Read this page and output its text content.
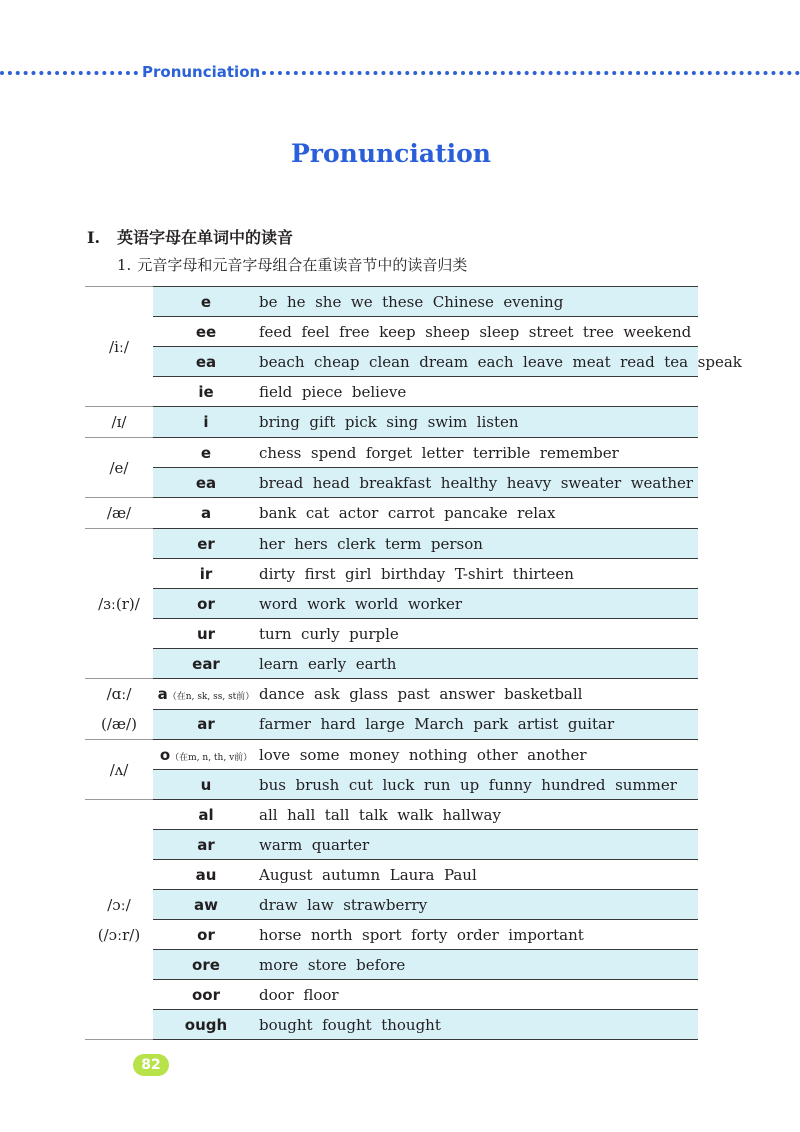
Pronunciation
Pronunciation
I. 英语字母在单词中的读音
1. 元音字母和元音字母组合在重读音节中的读音归类
/iː/	e	be  he  she  we  these  Chinese  evening
	ee	feed  feel  free  keep  sheep  sleep  street  tree  weekend
	ea	beach  cheap  clean  dream  each  leave  meat  read  tea  speak
	ie	field  piece  believe

/ɪ/	i	bring  gift  pick  sing  swim  listen

/e/	e	chess  spend  forget  letter  terrible  remember
	ea	bread  head  breakfast  healthy  heavy  sweater  weather

/æ/	a	bank  cat  actor  carrot  pancake  relax

/ɜː(r)/	er	her  hers  clerk  term  person
	ir	dirty  first  girl  birthday  T-shirt  thirteen
	or	word  work  world  worker
	ur	turn  curly  purple
	ear	learn  early  earth

/ɑː/
(/æ/)	a（在n, sk, ss, st前）	dance  ask  glass  past  answer  basketball
	ar	farmer  hard  large  March  park  artist  guitar

/ʌ/	o（在m, n, th, v前）	love  some  money  nothing  other  another
	u	bus  brush  cut  luck  run  up  funny  hundred  summer

/ɔː/
(/ɔːr/)	al	all  hall  tall  talk  walk  hallway
	ar	warm  quarter
	au	August  autumn  Laura  Paul
	aw	draw  law  strawberry
	or	horse  north  sport  forty  order  important
	ore	more  store  before
	oor	door  floor
	ough	bought  fought  thought
82
